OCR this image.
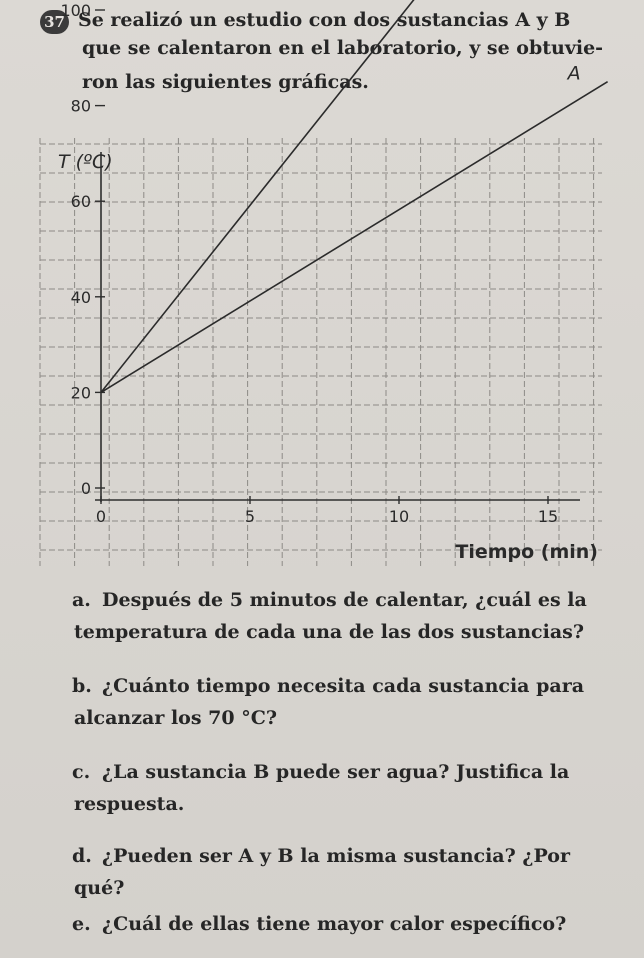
37 Se realizó un estudio con dos sustancias A y B
que se calentaron en el laboratorio, y se obtuvie-
ron las siguientes gráficas.
0
20
40
60
80
100
0	5	10	15
T (ºC)
Tiempo (min)
A
a. Después de 5 minutos de calentar, ¿cuál es la
temperatura de cada una de las dos sustancias?
b. ¿Cuánto tiempo necesita cada sustancia para
alcanzar los 70 °C?
c. ¿La sustancia B puede ser agua? Justifica la
respuesta.
d. ¿Pueden ser A y B la misma sustancia? ¿Por
qué?
e. ¿Cuál de ellas tiene mayor calor específico?
